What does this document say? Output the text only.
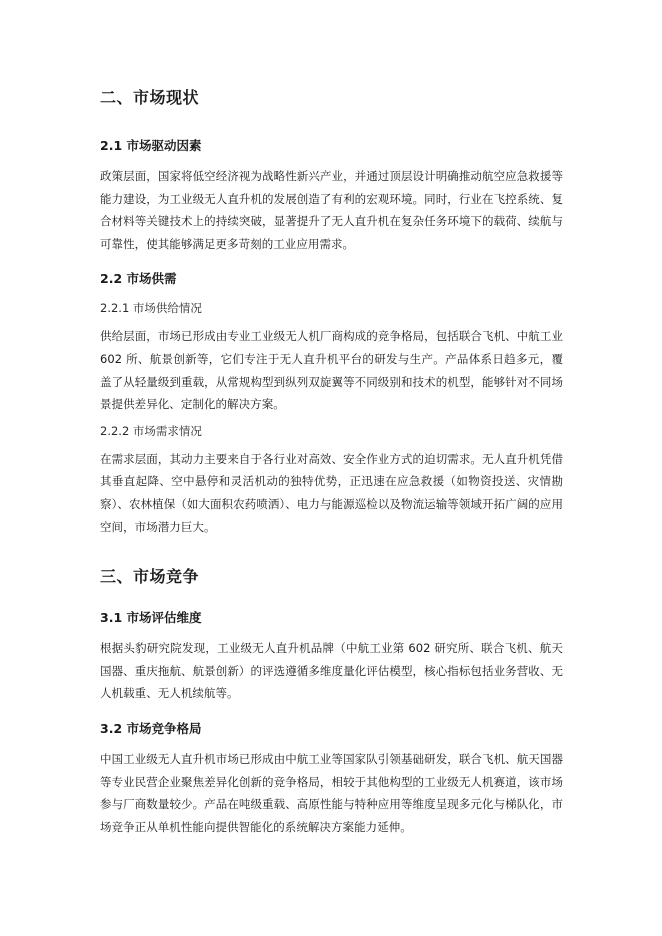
二、市场现状
2.1 市场驱动因素

政策层面，国家将低空经济视为战略性新兴产业，并通过顶层设计明确推动航空应急救援等能力建设，为工业级无人直升机的发展创造了有利的宏观环境。同时，行业在飞控系统、复合材料等关键技术上的持续突破，显著提升了无人直升机在复杂任务环境下的载荷、续航与可靠性，使其能够满足更多苛刻的工业应用需求。

2.2 市场供需
2.2.1 市场供给情况

供给层面，市场已形成由专业工业级无人机厂商构成的竞争格局，包括联合飞机、中航工业 602 所、航景创新等，它们专注于无人直升机平台的研发与生产。产品体系日趋多元，覆盖了从轻量级到重载，从常规构型到纵列双旋翼等不同级别和技术的机型，能够针对不同场景提供差异化、定制化的解决方案。

2.2.2 市场需求情况

在需求层面，其动力主要来自于各行业对高效、安全作业方式的迫切需求。无人直升机凭借其垂直起降、空中悬停和灵活机动的独特优势，正迅速在应急救援（如物资投送、灾情勘察）、农林植保（如大面积农药喷洒）、电力与能源巡检以及物流运输等领域开拓广阔的应用空间，市场潜力巨大。

三、市场竞争
3.1 市场评估维度

根据头豹研究院发现，工业级无人直升机品牌（中航工业第 602 研究所、联合飞机、航天国器、重庆拖航、航景创新）的评选遵循多维度量化评估模型，核心指标包括业务营收、无人机载重、无人机续航等。

3.2 市场竞争格局

中国工业级无人直升机市场已形成由中航工业等国家队引领基础研发，联合飞机、航天国器等专业民营企业聚焦差异化创新的竞争格局，相较于其他构型的工业级无人机赛道，该市场参与厂商数量较少。产品在吨级重载、高原性能与特种应用等维度呈现多元化与梯队化，市场竞争正从单机性能向提供智能化的系统解决方案能力延伸。
